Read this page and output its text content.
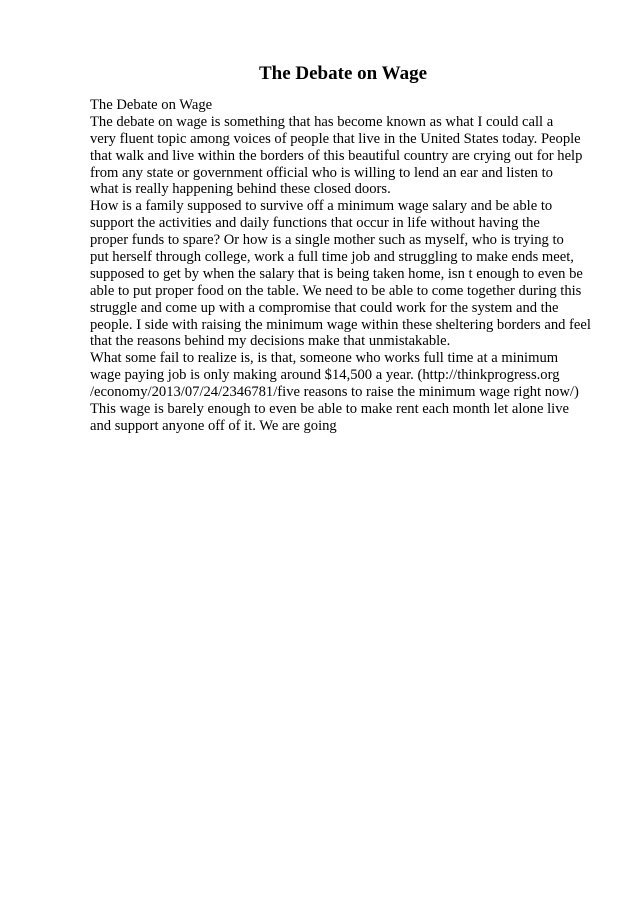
The Debate on Wage
The Debate on Wage
The debate on wage is something that has become known as what I could call a
very fluent topic among voices of people that live in the United States today. People
that walk and live within the borders of this beautiful country are crying out for help
from any state or government official who is willing to lend an ear and listen to
what is really happening behind these closed doors.
How is a family supposed to survive off a minimum wage salary and be able to
support the activities and daily functions that occur in life without having the
proper funds to spare? Or how is a single mother such as myself, who is trying to
put herself through college, work a full time job and struggling to make ends meet,
supposed to get by when the salary that is being taken home, isn t enough to even be
able to put proper food on the table. We need to be able to come together during this
struggle and come up with a compromise that could work for the system and the
people. I side with raising the minimum wage within these sheltering borders and feel
that the reasons behind my decisions make that unmistakable.
What some fail to realize is, is that, someone who works full time at a minimum
wage paying job is only making around $14,500 a year. (http://thinkprogress.org
/economy/2013/07/24/2346781/five reasons to raise the minimum wage right now/)
This wage is barely enough to even be able to make rent each month let alone live
and support anyone off of it. We are going
